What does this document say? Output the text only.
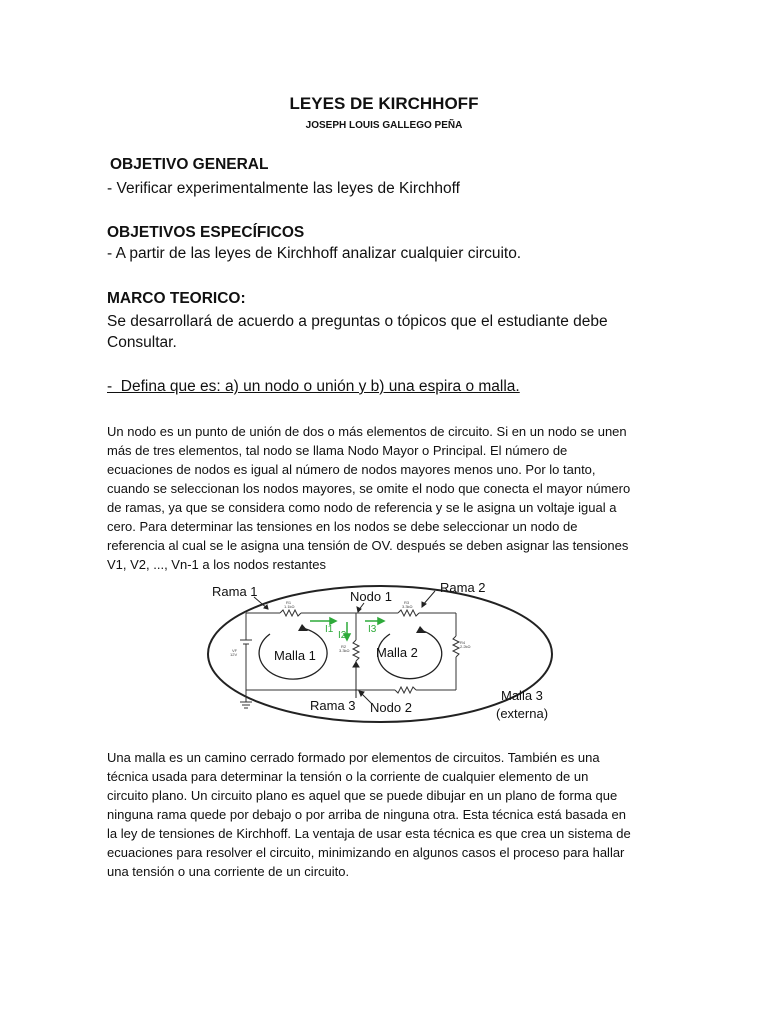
LEYES DE KIRCHHOFF
JOSEPH LOUIS GALLEGO PEÑA
OBJETIVO GENERAL
- Verificar experimentalmente las leyes de Kirchhoff
OBJETIVOS ESPECÍFICOS
- A partir de las leyes de Kirchhoff analizar cualquier circuito.
MARCO TEORICO:
Se desarrollará de acuerdo a preguntas o tópicos que el estudiante debe
Consultar.
-  Defina que es: a) un nodo o unión y b) una espira o malla.
Un nodo es un punto de unión de dos o más elementos de circuito. Si en un nodo se unen
más de tres elementos, tal nodo se llama Nodo Mayor o Principal. El número de
ecuaciones de nodos es igual al número de nodos mayores menos uno. Por lo tanto,
cuando se seleccionan los nodos mayores, se omite el nodo que conecta el mayor número
de ramas, ya que se considera como nodo de referencia y se le asigna un voltaje igual a
cero. Para determinar las tensiones en los nodos se debe seleccionar un nodo de
referencia al cual se le asigna una tensión de OV. después se deben asignar las tensiones
V1, V2, ..., Vn-1 a los nodos restantes
R1
1.1kΩ
R3
3.3kΩ
R4
2.2kΩ
R2
3.3kΩ
VF
12V
I1
I2
I3
Rama 1	Nodo 1
Rama 2
Malla 1	Malla 2
Rama 3 Nodo 2
Malla 3
(externa)
Una malla es un camino cerrado formado por elementos de circuitos. También es una
técnica usada para determinar la tensión o la corriente de cualquier elemento de un
circuito plano. Un circuito plano es aquel que se puede dibujar en un plano de forma que
ninguna rama quede por debajo o por arriba de ninguna otra. Esta técnica está basada en
la ley de tensiones de Kirchhoff. La ventaja de usar esta técnica es que crea un sistema de
ecuaciones para resolver el circuito, minimizando en algunos casos el proceso para hallar
una tensión o una corriente de un circuito.
